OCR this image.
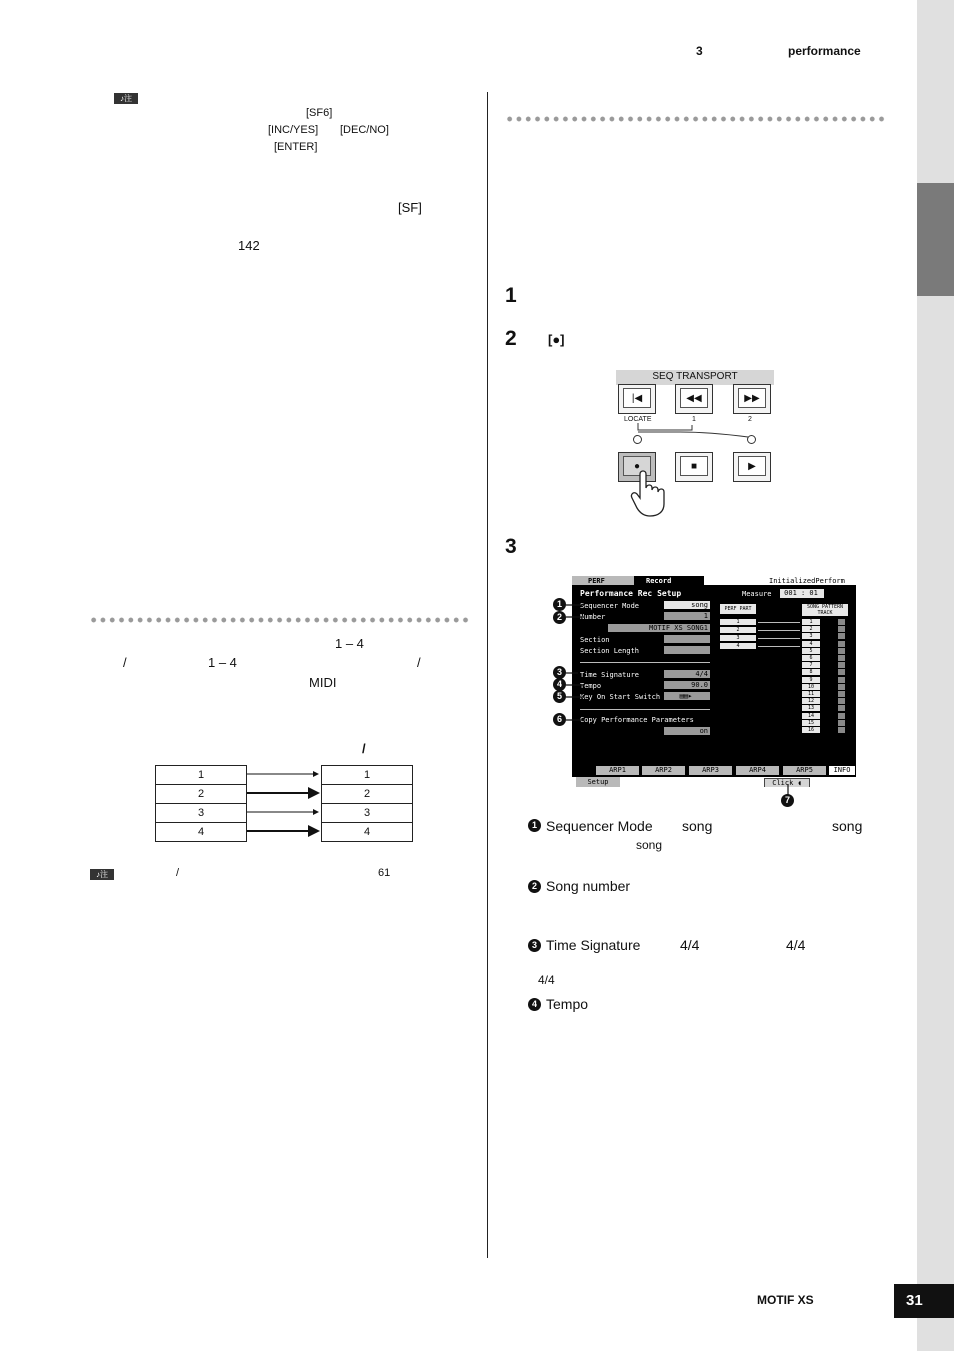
3	performance
♪注
[SF6]
[INC/YES] [DEC/NO]
[ENTER]
[SF]
142
1 – 4
/	1 – 4	/
MIDI
/
1
2
3
4
1
2
3
4
♪注	/	61
1
2 [●]
3
SEQ TRANSPORT
|◀	◀◀	▶▶
LOCATE	1	2
●	■	▶
PERF	Record	InitializedPerform
Performance Rec Setup	Measure	001 : 01
Sequencer Mode	song
Number	1
MOTIF XS SONG1
Section
Section Length
Time Signature	4/4
Tempo	90.0
Key On Start Switch	▤▤▸
Copy Performance Parameters
on
PERF PART
1
2
3
4
SONG PATTERN
TRACK
1
2
3
4
5
6
7
8
9
10
11
12
13
14
15
16
ARP1	ARP2	ARP3	ARP4	ARP5	INFO
Setup	Click ◖
1
2
3
4
5
6
7
1 Sequencer Mode song	song
song
2 Song number
3 Time Signature	4/4	4/4
4/4
4 Tempo
MOTIF XS	31
